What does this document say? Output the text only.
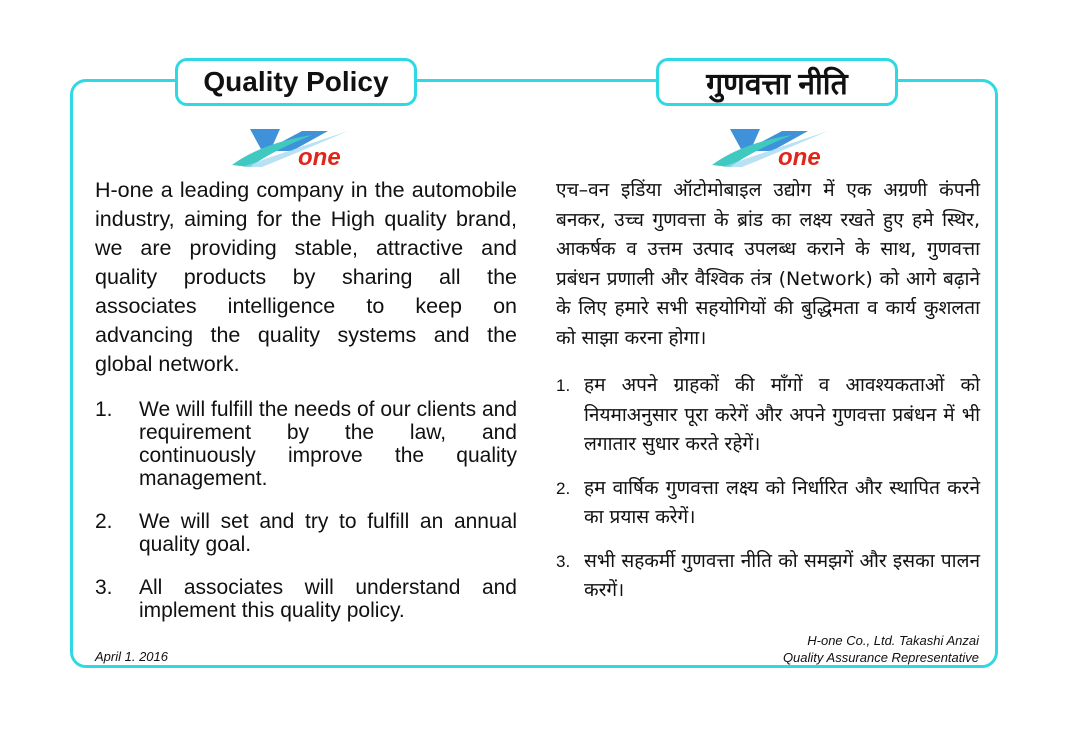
Quality Policy	गुणवत्ता नीति
one	one

H-one a leading company in the automobile industry, aiming for the High quality brand, we are providing stable, attractive and quality products by sharing all the associates intelligence to keep on advancing the quality systems and the global network.

1. We will fulfill the needs of our clients and requirement by the law, and continuously improve the quality management.
2. We will set and try to fulfill an annual quality goal.
3. All associates will understand and implement this quality policy.

एच–वन इडिंया ऑटोमोबाइल उद्योग में एक अग्रणी कंपनी बनकर, उच्च गुणवत्ता के ब्रांड का लक्ष्य रखते हुए हमे स्थिर, आकर्षक व उत्तम उत्पाद उपलब्ध कराने के साथ, गुणवत्ता प्रबंधन प्रणाली और वैश्विक तंत्र (Network) को आगे बढ़ाने के लिए हमारे सभी सहयोगियों की बुद्धिमता व कार्य कुशलता को साझा करना होगा।

1. हम अपने ग्राहकों की माँगों व आवश्यकताओं को नियमाअनुसार पूरा करेगें और अपने गुणवत्ता प्रबंधन में भी लगातार सुधार करते रहेगें।
2. हम वार्षिक गुणवत्ता लक्ष्य को निर्धारित और स्थापित करने का प्रयास करेगें।
3. सभी सहकर्मी गुणवत्ता नीति को समझगें और इसका पालन करगें।
April 1. 2016
H-one Co., Ltd. Takashi Anzai
Quality Assurance Representative
